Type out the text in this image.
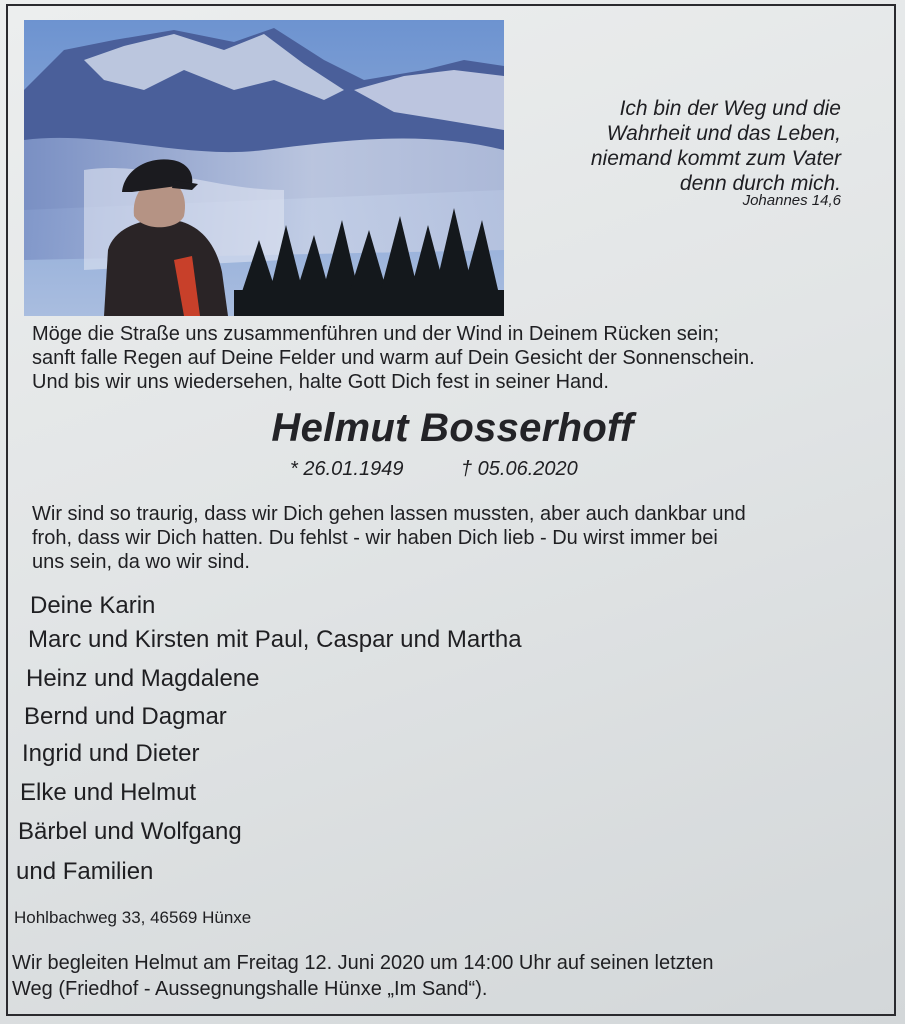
Ich bin der Weg und die
Wahrheit und das Leben,
niemand kommt zum Vater
denn durch mich.
Johannes 14,6
Möge die Straße uns zusammenführen und der Wind in Deinem Rücken sein;
sanft falle Regen auf Deine Felder und warm auf Dein Gesicht der Sonnenschein.
Und bis wir uns wiedersehen, halte Gott Dich fest in seiner Hand.
Helmut Bosserhoff
* 26.01.1949	† 05.06.2020
Wir sind so traurig, dass wir Dich gehen lassen mussten, aber auch dankbar und
froh, dass wir Dich hatten. Du fehlst - wir haben Dich lieb - Du wirst immer bei
uns sein, da wo wir sind.
Deine Karin
Marc und Kirsten mit Paul, Caspar und Martha
Heinz und Magdalene
Bernd und Dagmar
Ingrid und Dieter
Elke und Helmut
Bärbel und Wolfgang
und Familien
Hohlbachweg 33, 46569 Hünxe
Wir begleiten Helmut am Freitag 12. Juni 2020 um 14:00 Uhr auf seinen letzten
Weg (Friedhof - Aussegnungshalle Hünxe „Im Sand“).
